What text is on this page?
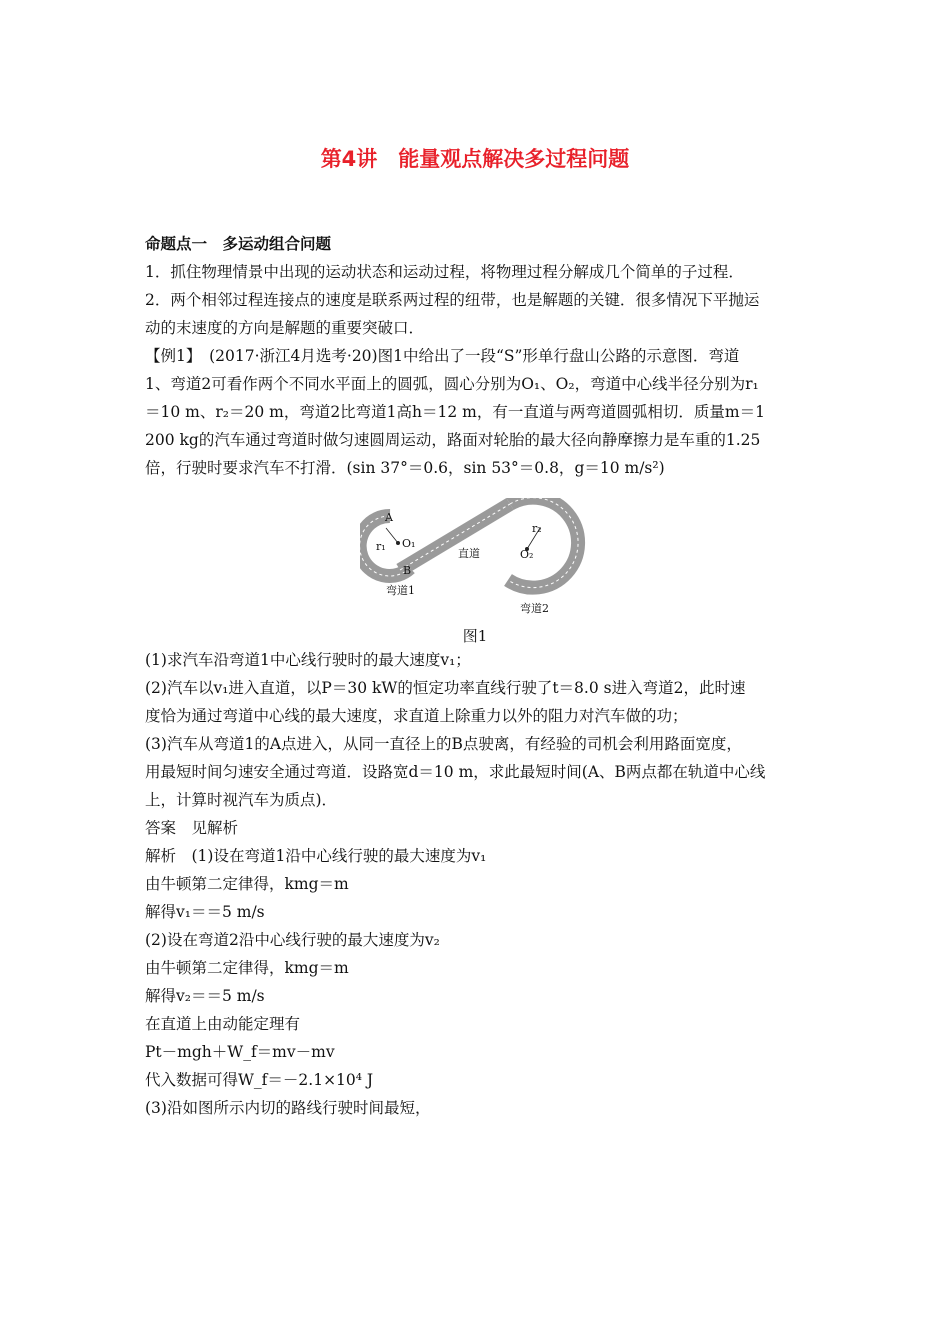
第4讲　能量观点解决多过程问题
命题点一　多运动组合问题
1．抓住物理情景中出现的运动状态和运动过程，将物理过程分解成几个简单的子过程．
2．两个相邻过程连接点的速度是联系两过程的纽带，也是解题的关键．很多情况下平抛运
动的末速度的方向是解题的重要突破口．
【例1】　(2017·浙江4月选考·20)图1中给出了一段“S”形单行盘山公路的示意图．弯道
1、弯道2可看作两个不同水平面上的圆弧，圆心分别为O₁、O₂，弯道中心线半径分别为r₁
＝10 m、r₂＝20 m，弯道2比弯道1高h＝12 m，有一直道与两弯道圆弧相切．质量m＝1
200 kg的汽车通过弯道时做匀速圆周运动，路面对轮胎的最大径向静摩擦力是车重的1.25
倍，行驶时要求汽车不打滑．(sin 37°＝0.6，sin 53°＝0.8，g＝10 m/s²)
A
B
O₁
O₂
r₁
r₂
直道
弯道1
弯道2
图1
(1)求汽车沿弯道1中心线行驶时的最大速度v₁；
(2)汽车以v₁进入直道，以P＝30 kW的恒定功率直线行驶了t＝8.0 s进入弯道2，此时速
度恰为通过弯道中心线的最大速度，求直道上除重力以外的阻力对汽车做的功；
(3)汽车从弯道1的A点进入，从同一直径上的B点驶离，有经验的司机会利用路面宽度，
用最短时间匀速安全通过弯道．设路宽d＝10 m，求此最短时间(A、B两点都在轨道中心线
上，计算时视汽车为质点)．
答案　见解析
解析　(1)设在弯道1沿中心线行驶的最大速度为v₁
由牛顿第二定律得，kmg＝m
解得v₁＝＝5 m/s
(2)设在弯道2沿中心线行驶的最大速度为v₂
由牛顿第二定律得，kmg＝m
解得v₂＝＝5 m/s
在直道上由动能定理有
Pt－mgh＋W_f＝mv－mv
代入数据可得W_f＝－2.1×10⁴ J
(3)沿如图所示内切的路线行驶时间最短，
